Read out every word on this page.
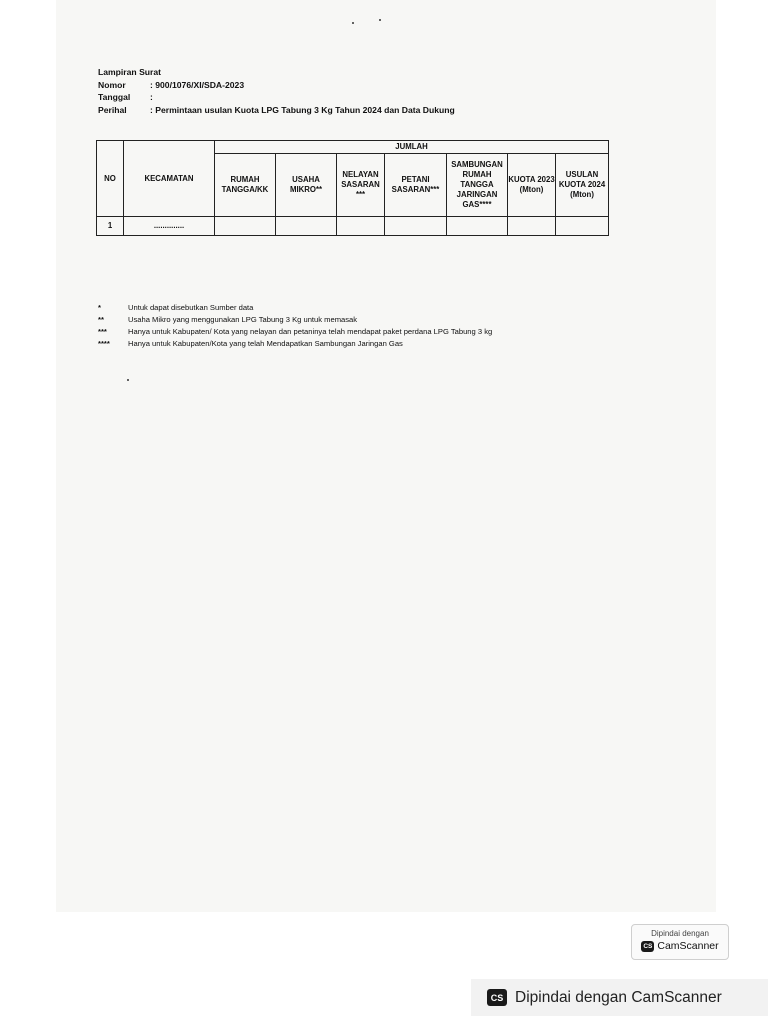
Lampiran Surat
Nomor	: 900/1076/XI/SDA-2023
Tanggal	:
Perihal	: Permintaan usulan Kuota LPG Tabung 3 Kg Tahun 2024 dan Data Dukung
NO	KECAMATAN	JUMLAH						
		RUMAH TANGGA/KK	USAHA MIKRO**	NELAYAN SASARAN ***	PETANI SASARAN***	SAMBUNGAN RUMAH TANGGA JARINGAN GAS****	KUOTA 2023 (Mton)	USULAN KUOTA 2024 (Mton)
1	..............							
*	Untuk dapat disebutkan Sumber data
**	Usaha Mikro yang menggunakan LPG Tabung 3 Kg untuk memasak
***	Hanya untuk Kabupaten/ Kota yang nelayan dan petaninya telah mendapat paket perdana LPG Tabung 3 kg
****	Hanya untuk Kabupaten/Kota yang telah Mendapatkan Sambungan Jaringan Gas
Dipindai dengan
CS CamScanner
CS Dipindai dengan CamScanner
